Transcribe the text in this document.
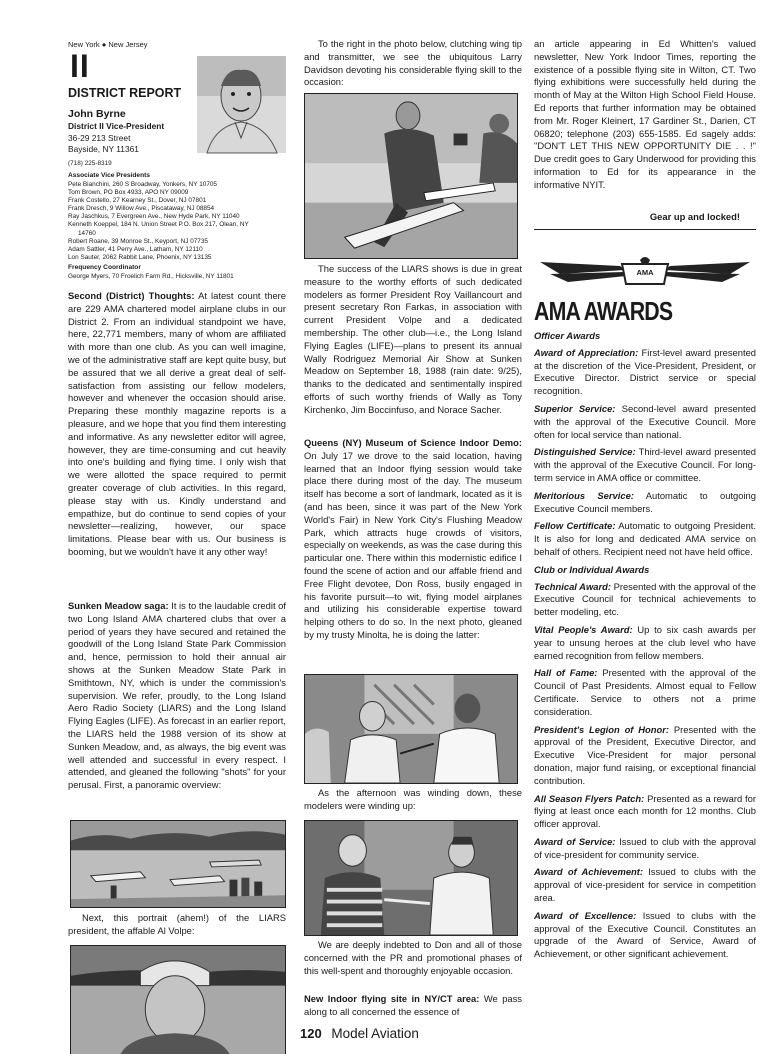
New York ● New Jersey
II
DISTRICT REPORT
John Byrne
District II Vice-President
36-29 213 Street
Bayside, NY 11361
(718) 225-8319
Associate Vice Presidents
Pete Bianchini, 260 S Broadway, Yonkers, NY 10705
Tom Brown, PO Box 4933, APO NY 09009
Frank Costello, 27 Kearney St., Dover, NJ 07801
Frank Dresch, 9 Willow Ave., Piscataway, NJ 08854
Ray Jaschkus, 7 Evergreen Ave., New Hyde Park, NY 11040
Kenneth Koeppel, 184 N. Union Street P.O. Box 217, Olean, NY
14760
Robert Roane, 39 Monroe St., Keyport, NJ 07735
Adam Sattler, 41 Perry Ave., Latham, NY 12110
Lon Sauter, 2062 Rabbit Lane, Phoenix, NY 13135
Frequency Coordinator
George Myers, 70 Froelich Farm Rd., Hicksville, NY 11801
Second (District) Thoughts: At latest count there are 229 AMA chartered model airplane clubs in our District 2. From an individual standpoint we have, here, 22,771 members, many of whom are affiliated with more than one club. As you can well imagine, we of the administrative staff are kept quite busy, but be assured that we all derive a great deal of self-satisfaction from assisting our fellow modelers, however and whenever the occasion should arise. Preparing these monthly magazine reports is a pleasure, and we hope that you find them interesting and informative. As any newsletter editor will agree, however, they are time-consuming and cut heavily into one's building and flying time. I only wish that we were allotted the space required to permit greater coverage of club activities. In this regard, please stay with us. Kindly understand and empathize, but do continue to send copies of your newsletter—realizing, however, our space limitations. Please bear with us. Our business is booming, but we wouldn't have it any other way!
Sunken Meadow saga: It is to the laudable credit of two Long Island AMA chartered clubs that over a period of years they have secured and retained the goodwill of the Long Island State Park Commission and, hence, permission to hold their annual air shows at the Sunken Meadow State Park in Smithtown, NY, which is under the commission's supervision. We refer, proudly, to the Long Island Aero Radio Society (LIARS) and the Long Island Flying Eagles (LIFE). As forecast in an earlier report, the LIARS held the 1988 version of its show at Sunken Meadow, and, as always, the big event was well attended and successful in every respect. I attended, and gleaned the following "shots" for your perusal. First, a panoramic overview:
Next, this portrait (ahem!) of the LIARS president, the affable Al Volpe:
To the right in the photo below, clutching wing tip and transmitter, we see the ubiquitous Larry Davidson devoting his considerable flying skill to the occasion:
The success of the LIARS shows is due in great measure to the worthy efforts of such dedicated modelers as former President Roy Vaillancourt and present secretary Ron Farkas, in association with current President Volpe and a dedicated membership. The other club—i.e., the Long Island Flying Eagles (LIFE)—plans to present its annual Wally Rodriguez Memorial Air Show at Sunken Meadow on September 18, 1988 (rain date: 9/25), thanks to the dedicated and sentimentally inspired efforts of such worthy friends of Wally as Tony Kirchenko, Jim Boccinfuso, and Norace Sacher.
Queens (NY) Museum of Science Indoor Demo: On July 17 we drove to the said location, having learned that an Indoor flying session would take place there during most of the day. The museum itself has become a sort of landmark, located as it is (and has been, since it was part of the New York World's Fair) in New York City's Flushing Meadow Park, which attracts huge crowds of visitors, especially on weekends, as was the case during this particular one. There within this modernistic edifice I found the scene of action and our affable friend and Free Flight devotee, Don Ross, busily engaged in his favorite pursuit—to wit, flying model airplanes and utilizing his considerable expertise toward helping others to do so. In the next photo, gleaned by my trusty Minolta, he is doing the latter:
As the afternoon was winding down, these modelers were winding up:
We are deeply indebted to Don and all of those concerned with the PR and promotional phases of this well-spent and thoroughly enjoyable occasion.
New Indoor flying site in NY/CT area: We pass along to all concerned the essence of
120 Model Aviation
an article appearing in Ed Whitten's valued newsletter, New York Indoor Times, reporting the existence of a possible flying site in Wilton, CT. Two flying exhibitions were successfully held during the month of May at the Wilton High School Field House. Ed reports that further information may be obtained from Mr. Roger Kleinert, 17 Gardiner St., Darien, CT 06820; telephone (203) 655-1585. Ed sagely adds: "DON'T LET THIS NEW OPPORTUNITY DIE . . !" Due credit goes to Gary Underwood for providing this information to Ed for its appearance in the informative NYIT.
Gear up and locked!
AMA
AMA AWARDS
Officer Awards
Award of Appreciation: First-level award presented at the discretion of the Vice-President, President, or Executive Director. District service or special recognition.
Superior Service: Second-level award presented with the approval of the Executive Council. More often for local service than national.
Distinguished Service: Third-level award presented with the approval of the Executive Council. For long-term service in AMA office or committee.
Meritorious Service: Automatic to outgoing Executive Council members.
Fellow Certificate: Automatic to outgoing President. It is also for long and dedicated AMA service on behalf of others. Recipient need not have held office.
Club or Individual Awards
Technical Award: Presented with the approval of the Executive Council for technical achievements to better modeling, etc.
Vital People's Award: Up to six cash awards per year to unsung heroes at the club level who have earned recognition from fellow members.
Hall of Fame: Presented with the approval of the Council of Past Presidents. Almost equal to Fellow Certificate. Service to others not a prime consideration.
President's Legion of Honor: Presented with the approval of the President, Executive Director, and Executive Vice-President for major personal donation, major fund raising, or exceptional financial contribution.
All Season Flyers Patch: Presented as a reward for flying at least once each month for 12 months. Club officer approval.
Award of Service: Issued to club with the approval of vice-president for community service.
Award of Achievement: Issued to clubs with the approval of vice-president for service in competition area.
Award of Excellence: Issued to clubs with the approval of the Executive Council. Constitutes an upgrade of the Award of Service, Award of Achievement, or other significant achievement.
